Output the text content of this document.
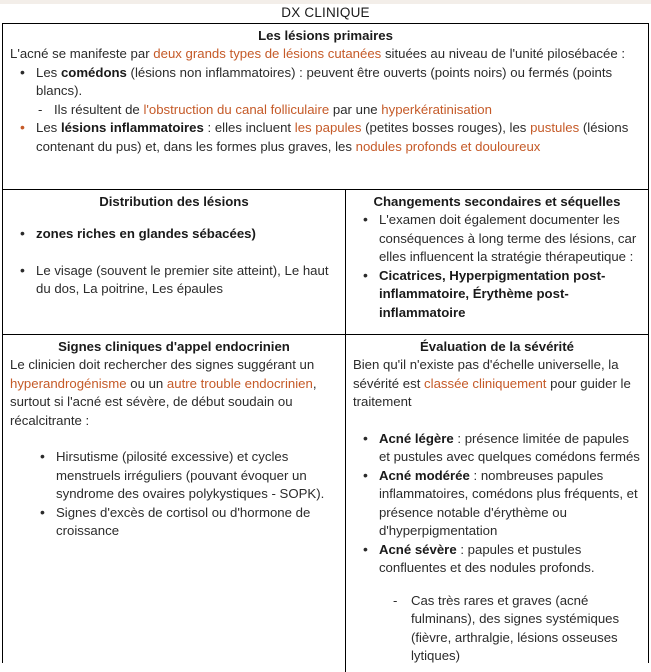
DX CLINIQUE
Les lésions primaires

L'acné se manifeste par deux grands types de lésions cutanées situées au niveau de l'unité pilosébacée :

• Les comédons (lésions non inflammatoires) : peuvent être ouverts (points noirs) ou fermés (points blancs).
- Ils résultent de l'obstruction du canal folliculaire par une hyperkératinisation
• Les lésions inflammatoires : elles incluent les papules (petites bosses rouges), les pustules (lésions contenant du pus) et, dans les formes plus graves, les nodules profonds et douloureux
Distribution des lésions
• zones riches en glandes sébacées)
• Le visage (souvent le premier site atteint), Le haut du dos, La poitrine, Les épaules
Changements secondaires et séquelles
• L'examen doit également documenter les conséquences à long terme des lésions, car elles influencent la stratégie thérapeutique :
• Cicatrices, Hyperpigmentation post-inflammatoire, Érythème post-inflammatoire
Signes cliniques d'appel endocrinien

Le clinicien doit rechercher des signes suggérant un hyperandrogénisme ou un autre trouble endocrinien, surtout si l'acné est sévère, de début soudain ou récalcitrante :

• Hirsutisme (pilosité excessive) et cycles menstruels irréguliers (pouvant évoquer un syndrome des ovaires polykystiques - SOPK).
• Signes d'excès de cortisol ou d'hormone de croissance
Évaluation de la sévérité

Bien qu'il n'existe pas d'échelle universelle, la sévérité est classée cliniquement pour guider le traitement

• Acné légère : présence limitée de papules et pustules avec quelques comédons fermés
• Acné modérée : nombreuses papules inflammatoires, comédons plus fréquents, et présence notable d'érythème ou d'hyperpigmentation
• Acné sévère : papules et pustules confluentes et des nodules profonds.
- Cas très rares et graves (acné fulminans), des signes systémiques (fièvre, arthralgie, lésions osseuses lytiques)
